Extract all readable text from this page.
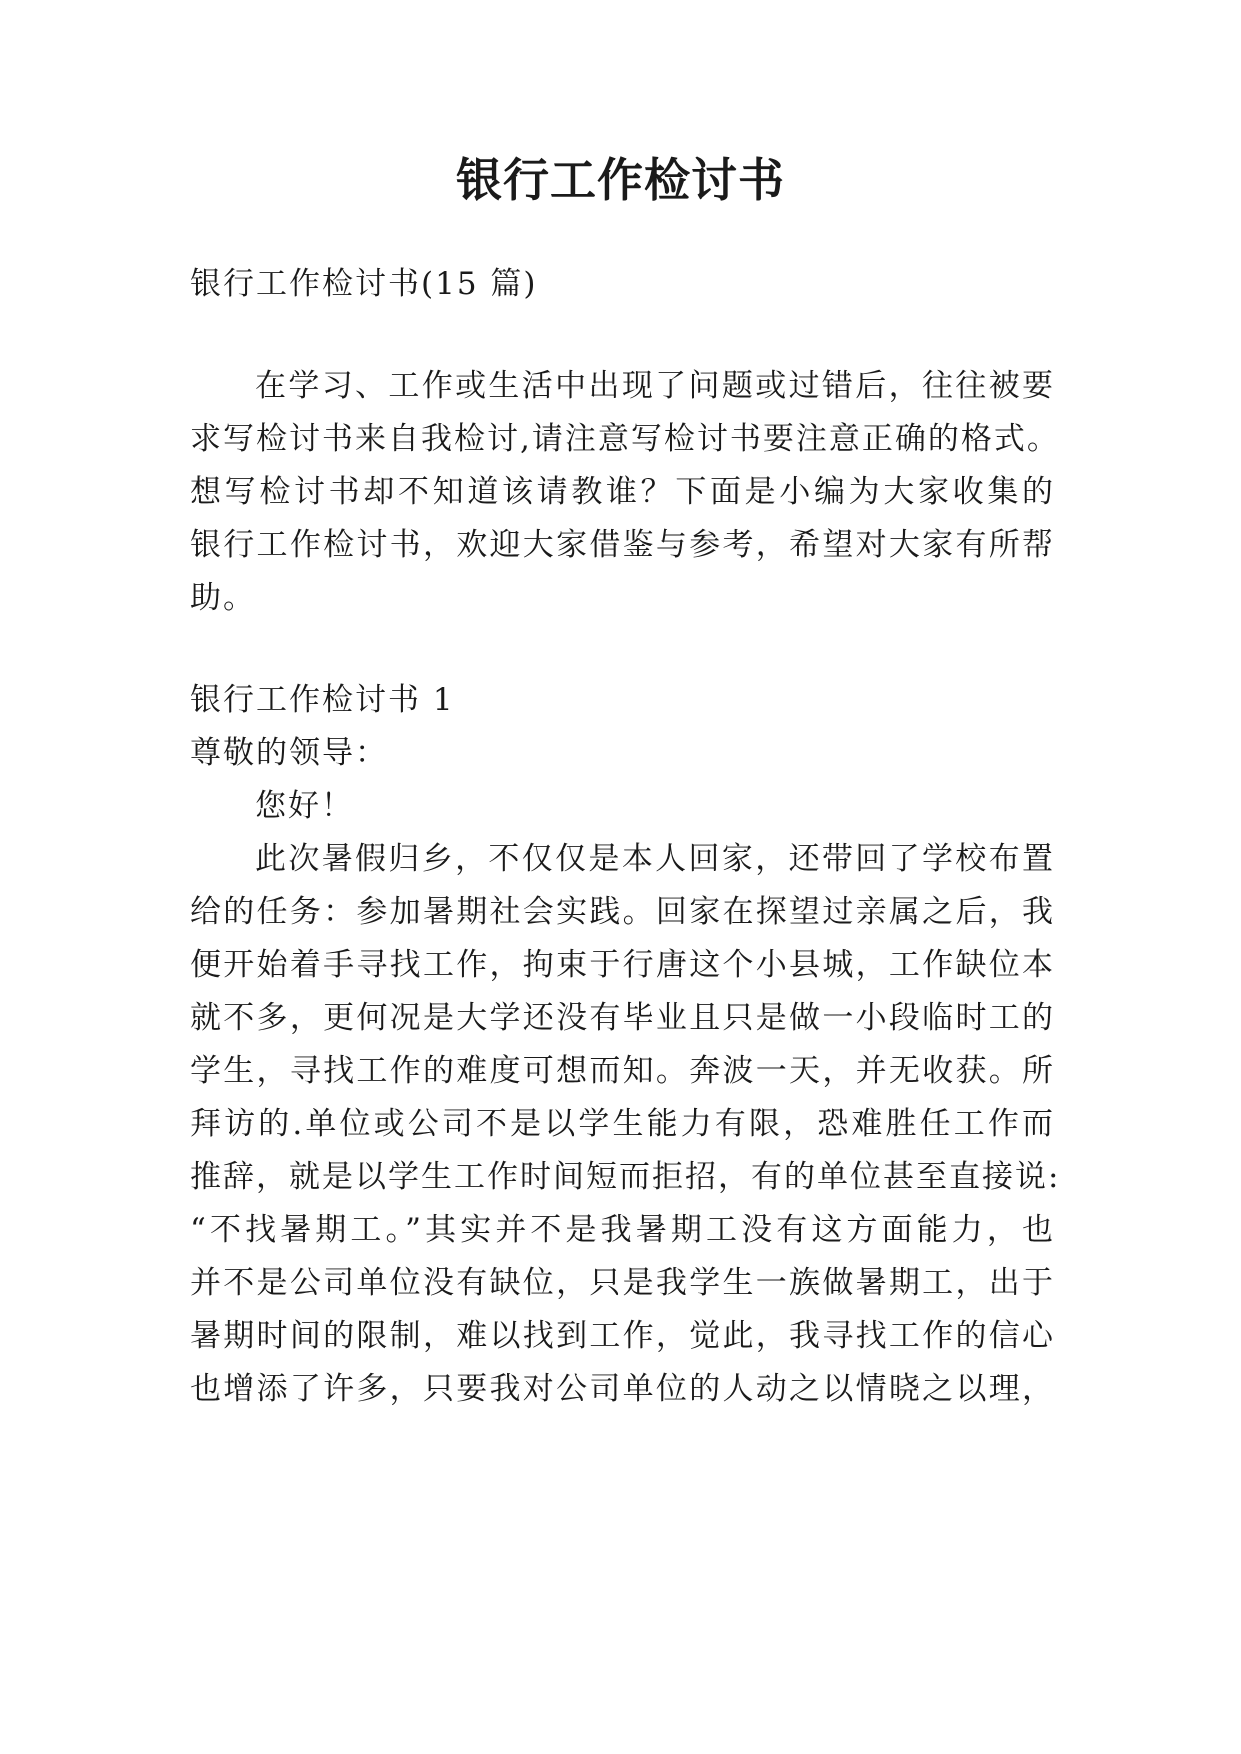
银行工作检讨书

银行工作检讨书(15 篇)

在学习、工作或生活中出现了问题或过错后，往往被要

求写检讨书来自我检讨,请注意写检讨书要注意正确的格式。

想写检讨书却不知道该请教谁？下面是小编为大家收集的

银行工作检讨书，欢迎大家借鉴与参考，希望对大家有所帮

助。

银行工作检讨书 1

尊敬的领导：

您好！

此次暑假归乡，不仅仅是本人回家，还带回了学校布置

给的任务：参加暑期社会实践。回家在探望过亲属之后，我

便开始着手寻找工作，拘束于行唐这个小县城，工作缺位本

就不多，更何况是大学还没有毕业且只是做一小段临时工的

学生，寻找工作的难度可想而知。奔波一天，并无收获。所

拜访的.单位或公司不是以学生能力有限，恐难胜任工作而

推辞，就是以学生工作时间短而拒招，有的单位甚至直接说:

“不找暑期工。”其实并不是我暑期工没有这方面能力，也

并不是公司单位没有缺位，只是我学生一族做暑期工，出于

暑期时间的限制，难以找到工作，觉此，我寻找工作的信心

也增添了许多，只要我对公司单位的人动之以情晓之以理，
